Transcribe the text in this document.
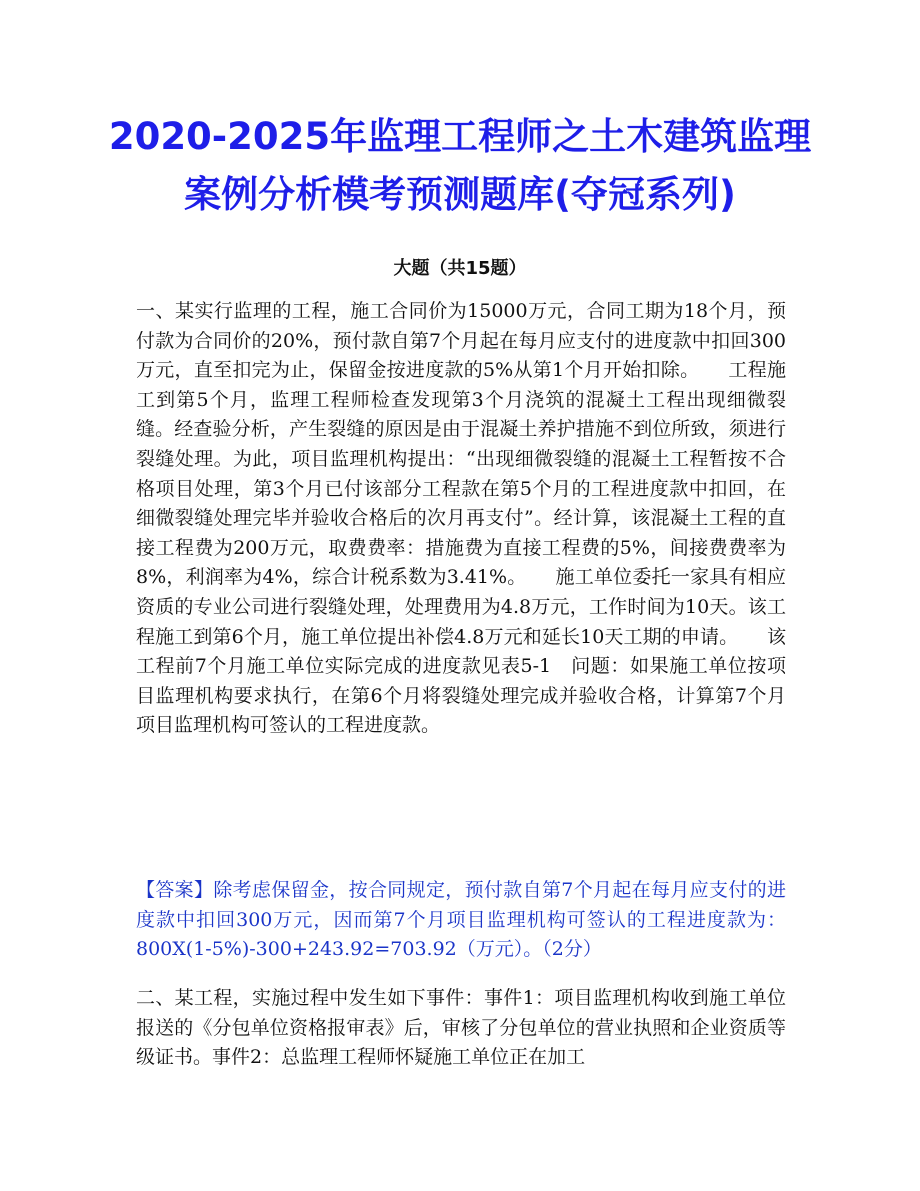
2020-2025年监理工程师之土木建筑监理
案例分析模考预测题库(夺冠系列)
大题（共15题）
一、某实行监理的工程，施工合同价为15000万元，合同工期为18个月，预付款为合同价的20%，预付款自第7个月起在每月应支付的进度款中扣回300万元，直至扣完为止，保留金按进度款的5%从第1个月开始扣除。　　工程施工到第5个月，监理工程师检查发现第3个月浇筑的混凝土工程出现细微裂缝。经查验分析，产生裂缝的原因是由于混凝土养护措施不到位所致，须进行裂缝处理。为此，项目监理机构提出：“出现细微裂缝的混凝土工程暂按不合格项目处理，第3个月已付该部分工程款在第5个月的工程进度款中扣回，在细微裂缝处理完毕并验收合格后的次月再支付”。经计算，该混凝土工程的直接工程费为200万元，取费费率：措施费为直接工程费的5%，间接费费率为8%，利润率为4%，综合计税系数为3.41%。　　施工单位委托一家具有相应资质的专业公司进行裂缝处理，处理费用为4.8万元，工作时间为10天。该工程施工到第6个月，施工单位提出补偿4.8万元和延长10天工期的申请。　　该工程前7个月施工单位实际完成的进度款见表5-1　问题：如果施工单位按项目监理机构要求执行，在第6个月将裂缝处理完成并验收合格，计算第7个月项目监理机构可签认的工程进度款。
【答案】除考虑保留金，按合同规定，预付款自第7个月起在每月应支付的进度款中扣回300万元，因而第7个月项目监理机构可签认的工程进度款为：800X(1-5%)-300+243.92=703.92（万元）。（2分）
二、某工程，实施过程中发生如下事件：事件1：项目监理机构收到施工单位报送的《分包单位资格报审表》后，审核了分包单位的营业执照和企业资质等级证书。事件2：总监理工程师怀疑施工单位正在加工
